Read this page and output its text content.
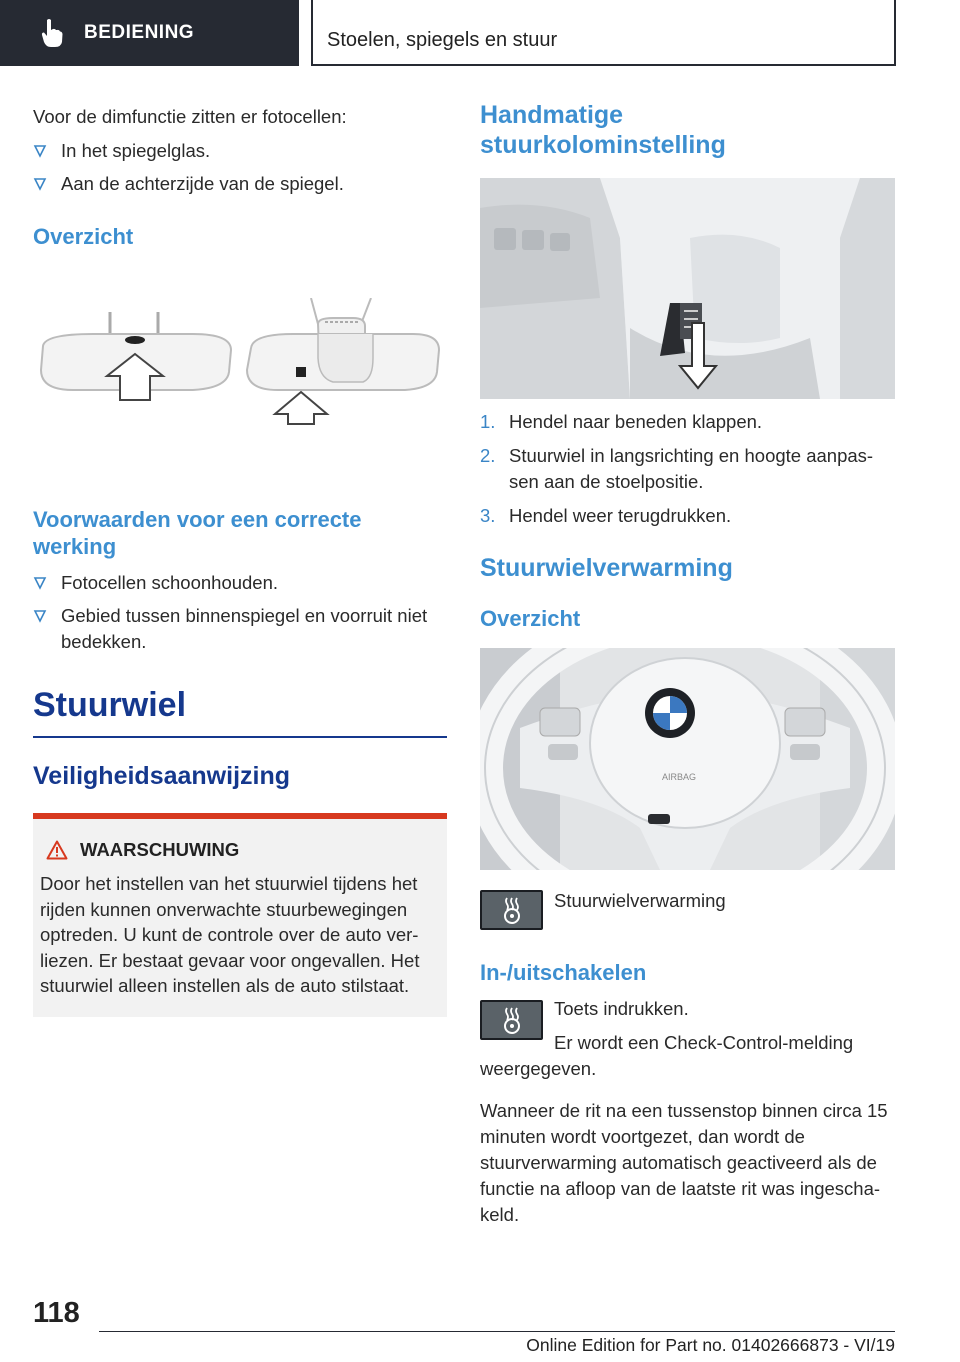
BEDIENING	Stoelen, spiegels en stuur
Voor de dimfunctie zitten er fotocellen:
In het spiegelglas.
Aan de achterzijde van de spiegel.
Overzicht
Voorwaarden voor een correcte werking
Fotocellen schoonhouden.
Gebied tussen binnenspiegel en voorruit niet bedekken.
Stuurwiel
Veiligheidsaanwijzing
WAARSCHUWING
Door het instellen van het stuurwiel tijdens het rijden kunnen onverwachte stuurbewegingen optreden. U kunt de controle over de auto ver-liezen. Er bestaat gevaar voor ongevallen. Het stuurwiel alleen instellen als de auto stilstaat.
Handmatige stuurkolominstelling
1. Hendel naar beneden klappen.
2. Stuurwiel in langsrichting en hoogte aanpas-sen aan de stoelpositie.
3. Hendel weer terugdrukken.
Stuurwielverwarming
Overzicht
AIRBAG
Stuurwielverwarming
In-/uitschakelen
Toets indrukken.
Er wordt een Check-Control-melding weergegeven.
Wanneer de rit na een tussenstop binnen circa 15 minuten wordt voortgezet, dan wordt de stuurverwarming automatisch geactiveerd als de functie na afloop van de laatste rit was ingescha-keld.
118
Online Edition for Part no. 01402666873 - VI/19
